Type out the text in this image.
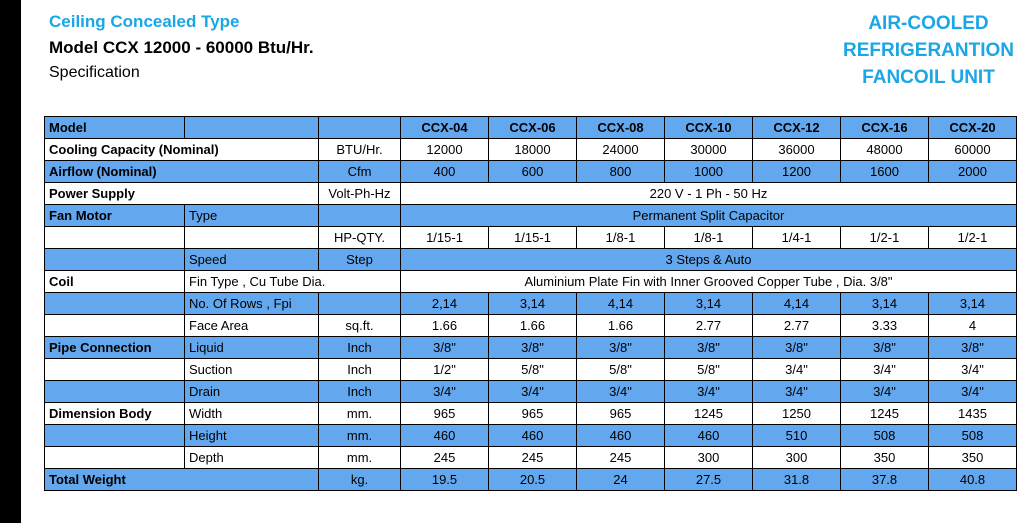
Ceiling Concealed Type
Model CCX 12000 - 60000 Btu/Hr.
Specification
AIR-COOLED
REFRIGERANTION
FANCOIL UNIT
Model			CCX-04	CCX-06	CCX-08	CCX-10	CCX-12	CCX-16	CCX-20
Cooling Capacity (Nominal)		BTU/Hr.	12000	18000	24000	30000	36000	48000	60000
Airflow (Nominal)		Cfm	400	600	800	1000	1200	1600	2000
Power Supply		Volt-Ph-Hz	220 V - 1 Ph - 50 Hz						
Fan Motor	Type		Permanent Split Capacitor						
		HP-QTY.	1/15-1	1/15-1	1/8-1	1/8-1	1/4-1	1/2-1	1/2-1
	Speed	Step	3 Steps & Auto						
Coil	Fin Type , Cu Tube Dia.		Aluminium Plate Fin with Inner Grooved Copper Tube , Dia. 3/8"						
	No. Of Rows , Fpi		2,14	3,14	4,14	3,14	4,14	3,14	3,14
	Face Area	sq.ft.	1.66	1.66	1.66	2.77	2.77	3.33	4
Pipe Connection	Liquid	Inch	3/8"	3/8"	3/8"	3/8"	3/8"	3/8"	3/8"
	Suction	Inch	1/2"	5/8"	5/8"	5/8"	3/4"	3/4"	3/4"
	Drain	Inch	3/4"	3/4"	3/4"	3/4"	3/4"	3/4"	3/4"
Dimension Body	Width	mm.	965	965	965	1245	1250	1245	1435
	Height	mm.	460	460	460	460	510	508	508
	Depth	mm.	245	245	245	300	300	350	350
Total Weight		kg.	19.5	20.5	24	27.5	31.8	37.8	40.8
